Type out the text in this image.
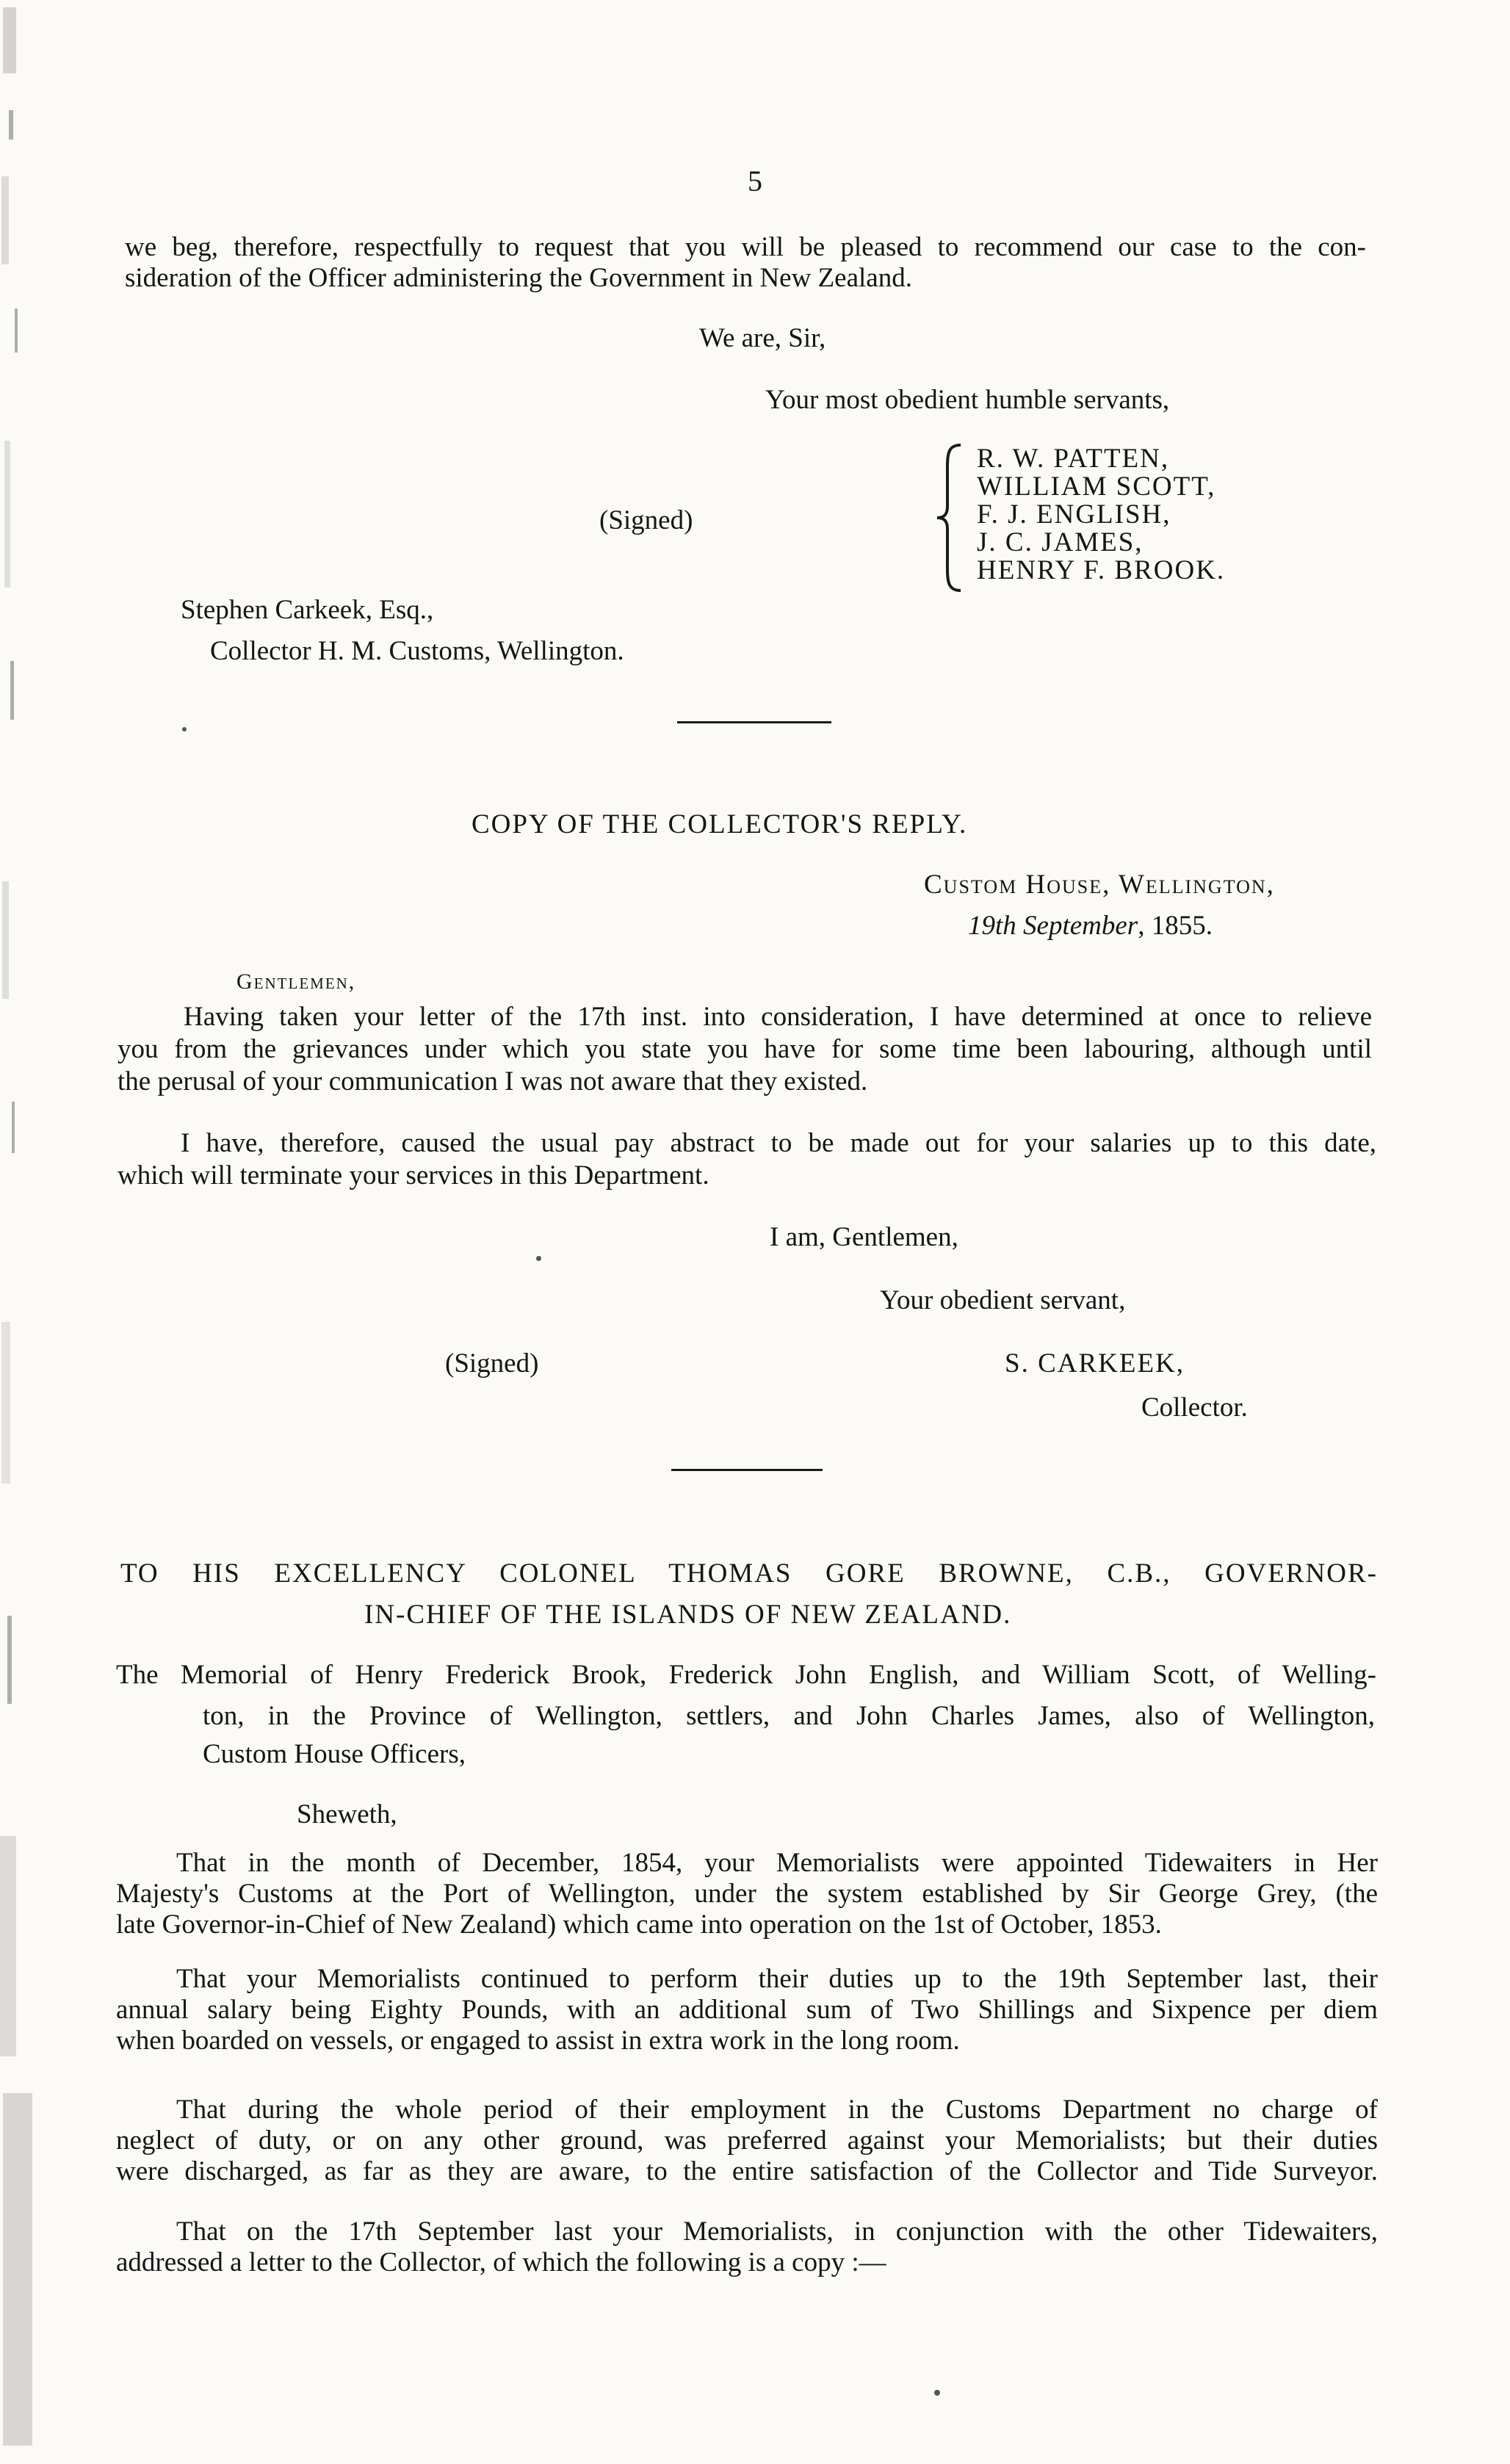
5
we beg, therefore, respectfully to request that you will be pleased to recommend our case to the con-
sideration of the Officer administering the Government in New Zealand.
We are, Sir,
Your most obedient humble servants,
(Signed)
R. W. PATTEN,
WILLIAM SCOTT,
F. J. ENGLISH,
J. C. JAMES,
HENRY F. BROOK.
Stephen Carkeek, Esq.,
Collector H. M. Customs, Wellington.
COPY OF THE COLLECTOR'S REPLY.
Custom House, Wellington,
19th September, 1855.
Gentlemen,
Having taken your letter of the 17th inst. into consideration, I have determined at once to relieve
you from the grievances under which you state you have for some time been labouring, although until
the perusal of your communication I was not aware that they existed.
I have, therefore, caused the usual pay abstract to be made out for your salaries up to this date,
which will terminate your services in this Department.
I am, Gentlemen,
Your obedient servant,
(Signed)	S. CARKEEK,
Collector.
TO HIS EXCELLENCY COLONEL THOMAS GORE BROWNE, C.B., GOVERNOR-
IN-CHIEF OF THE ISLANDS OF NEW ZEALAND.
The Memorial of Henry Frederick Brook, Frederick John English, and William Scott, of Welling-
ton, in the Province of Wellington, settlers, and John Charles James, also of Wellington,
Custom House Officers,
Sheweth,
That in the month of December, 1854, your Memorialists were appointed Tidewaiters in Her
Majesty's Customs at the Port of Wellington, under the system established by Sir George Grey, (the
late Governor-in-Chief of New Zealand) which came into operation on the 1st of October, 1853.
That your Memorialists continued to perform their duties up to the 19th September last, their
annual salary being Eighty Pounds, with an additional sum of Two Shillings and Sixpence per diem
when boarded on vessels, or engaged to assist in extra work in the long room.
That during the whole period of their employment in the Customs Department no charge of
neglect of duty, or on any other ground, was preferred against your Memorialists; but their duties
were discharged, as far as they are aware, to the entire satisfaction of the Collector and Tide Surveyor.
That on the 17th September last your Memorialists, in conjunction with the other Tidewaiters,
addressed a letter to the Collector, of which the following is a copy :—
